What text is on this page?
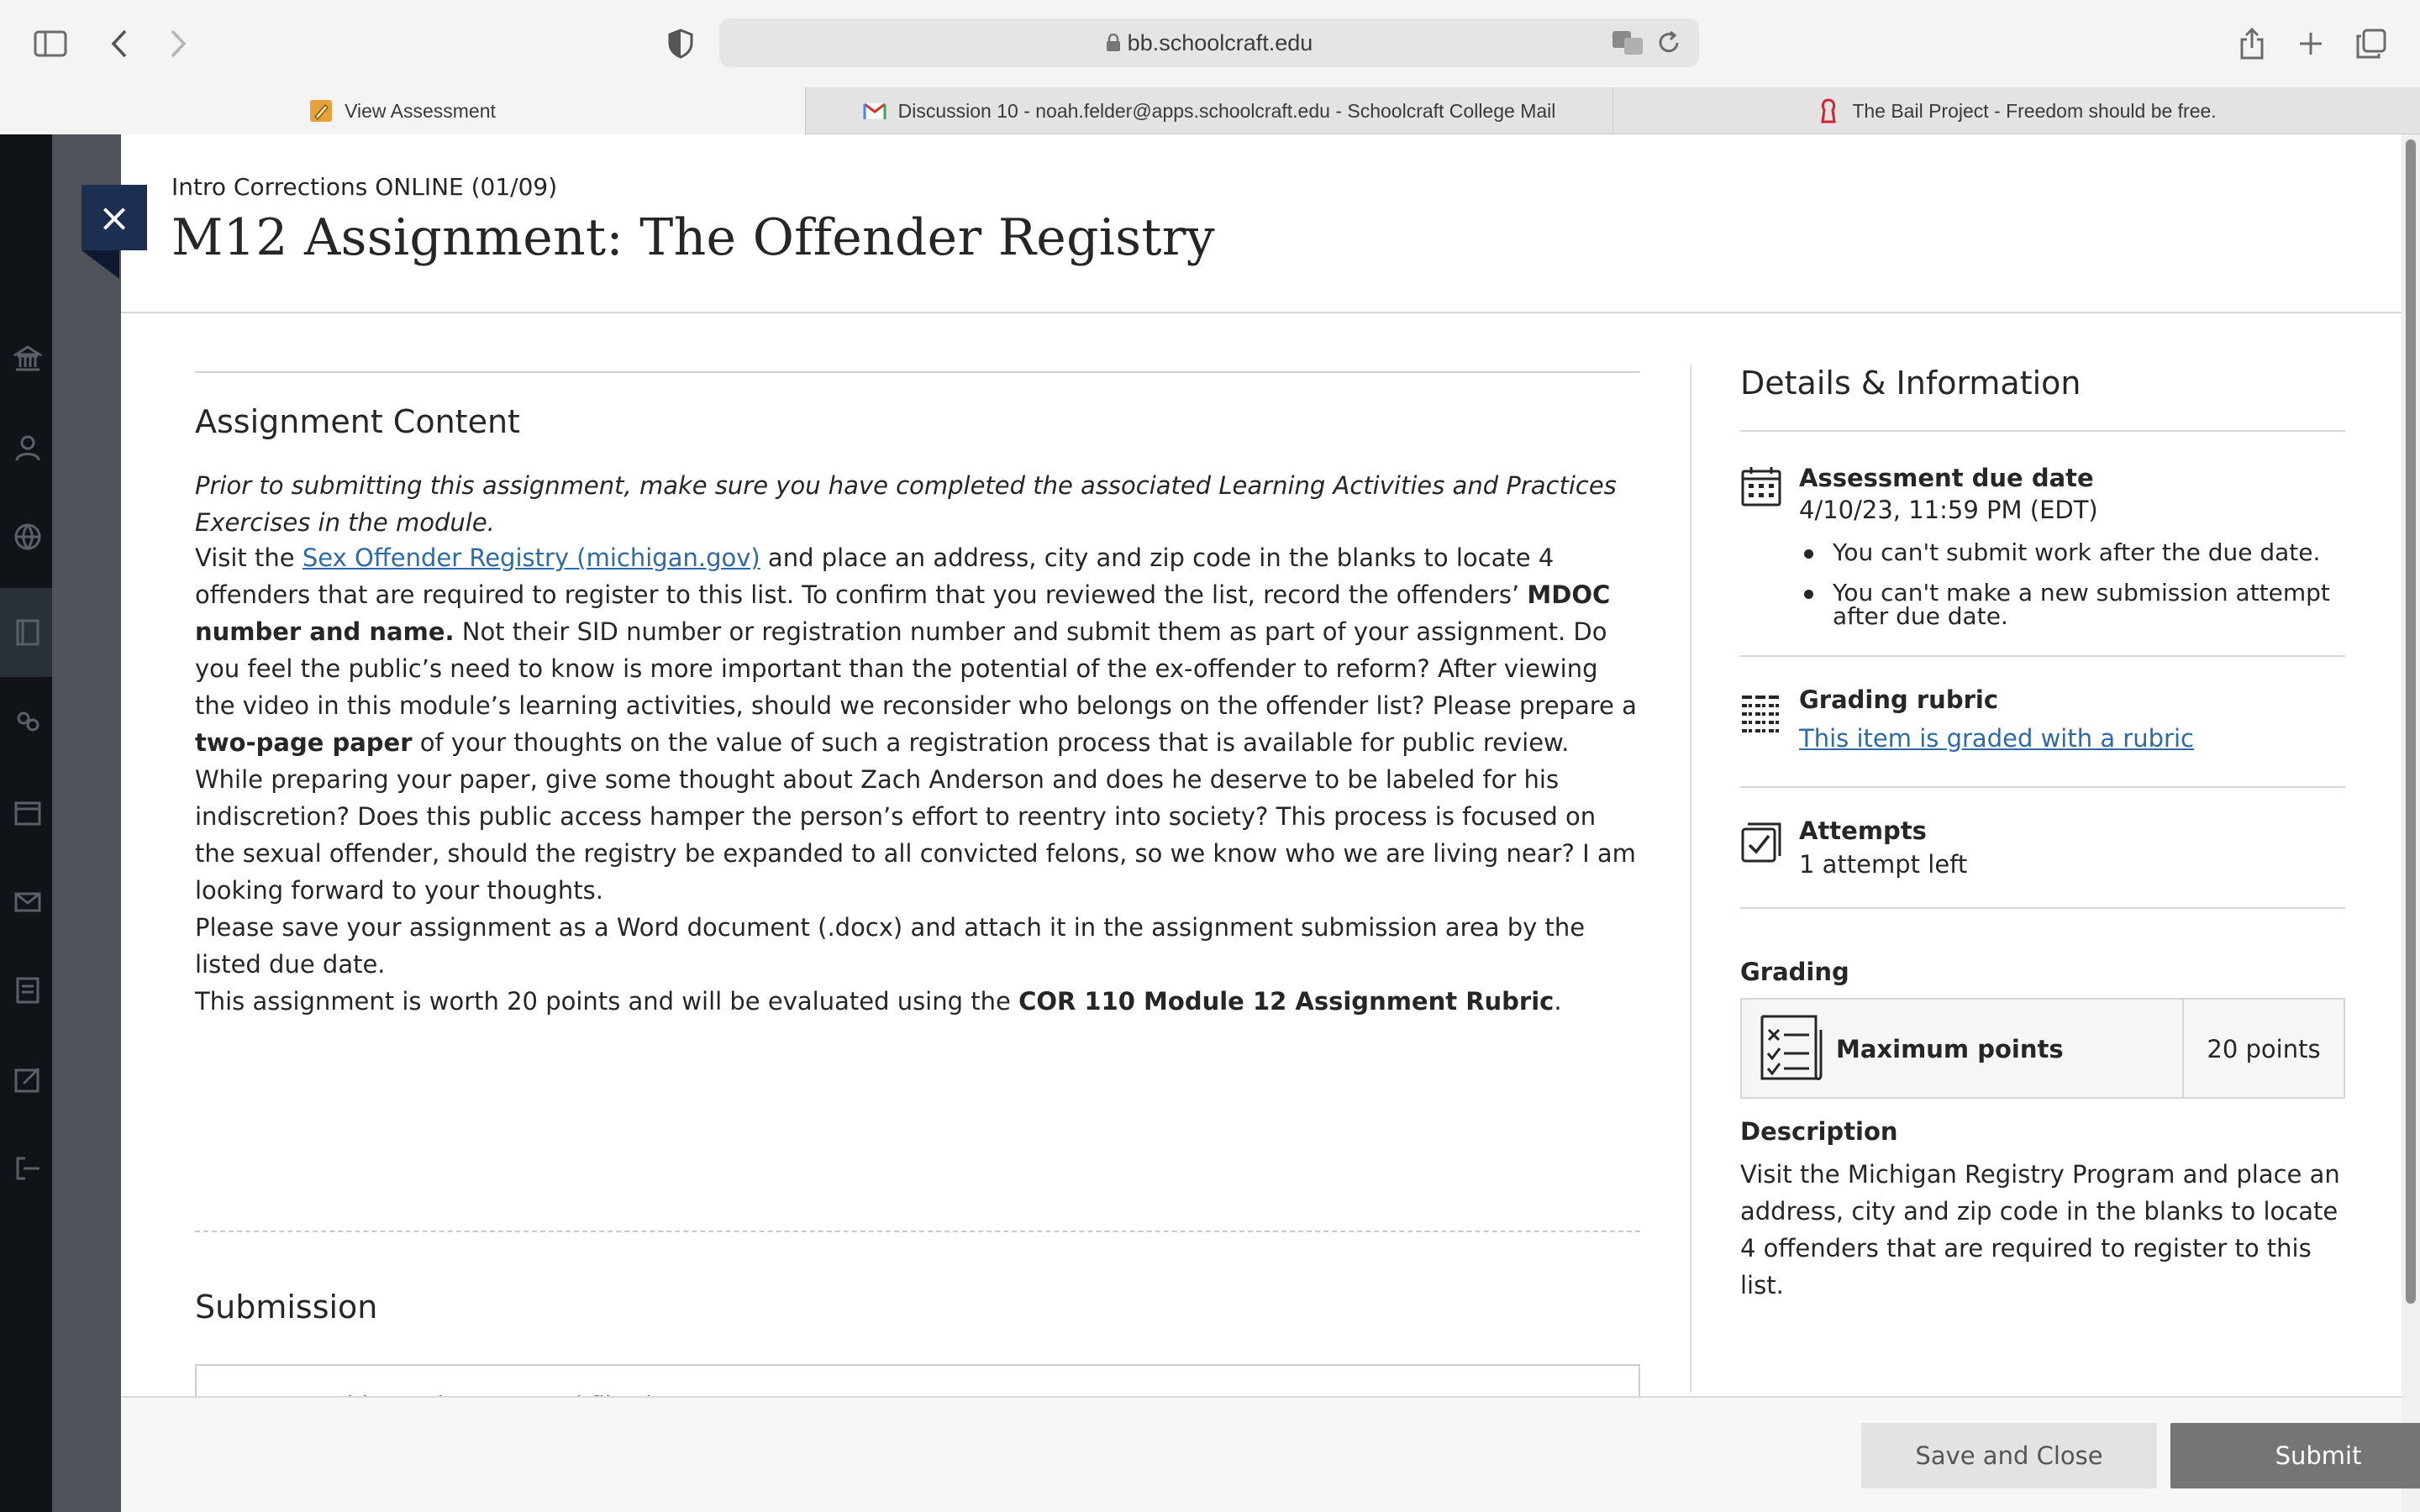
bb.schoolcraft.edu
View Assessment	Discussion 10 - noah.felder@apps.schoolcraft.edu - Schoolcraft College Mail	The Bail Project - Freedom should be free.
Intro Corrections ONLINE (01/09)
M12 Assignment: The Offender Registry
×
Assignment Content
Prior to submitting this assignment, make sure you have completed the associated Learning Activities and Practices Exercises in the module.
Visit the Sex Offender Registry (michigan.gov) and place an address, city and zip code in the blanks to locate 4 offenders that are required to register to this list. To confirm that you reviewed the list, record the offenders’ MDOC number and name. Not their SID number or registration number and submit them as part of your assignment. Do you feel the public’s need to know is more important than the potential of the ex-offender to reform? After viewing the video in this module’s learning activities, should we reconsider who belongs on the offender list? Please prepare a two-page paper of your thoughts on the value of such a registration process that is available for public review. While preparing your paper, give some thought about Zach Anderson and does he deserve to be labeled for his indiscretion? Does this public access hamper the person’s effort to reentry into society? This process is focused on the sexual offender, should the registry be expanded to all convicted felons, so we know who we are living near? I am looking forward to your thoughts.
Please save your assignment as a Word document (.docx) and attach it in the assignment submission area by the listed due date.
This assignment is worth 20 points and will be evaluated using the COR 110 Module 12 Assignment Rubric.
Submission
Details & Information
Assessment due date
4/10/23, 11:59 PM (EDT)
You can't submit work after the due date.
You can't make a new submission attempt after due date.
Grading rubric
This item is graded with a rubric
Attempts
1 attempt left
Grading
Maximum points	20 points
Description
Visit the Michigan Registry Program and place an address, city and zip code in the blanks to locate 4 offenders that are required to register to this list.
Save and Close	Submit
